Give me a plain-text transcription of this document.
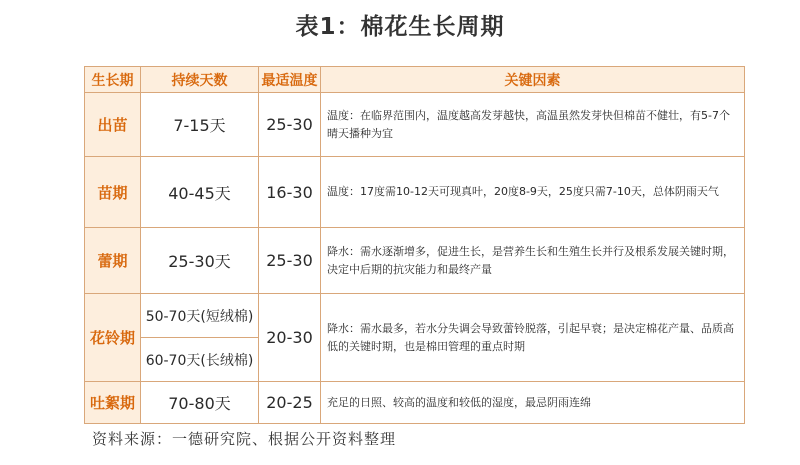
表1：棉花生长周期
生长期	持续天数	最适温度	关键因素
出苗	7-15天	25-30	温度：在临界范围内，温度越高发芽越快，高温虽然发芽快但棉苗不健壮，有5-7个晴天播种为宜
苗期	40-45天	16-30	温度：17度需10-12天可现真叶，20度8-9天，25度只需7-10天，总体阴雨天气
蕾期	25-30天	25-30	降水：需水逐渐增多，促进生长，是营养生长和生殖生长并行及根系发展关键时期，决定中后期的抗灾能力和最终产量
花铃期	50-70天(短绒棉)	20-30	降水：需水最多，若水分失调会导致蕾铃脱落，引起早衰；是决定棉花产量、品质高低的关键时期，也是棉田管理的重点时期
	60-70天(长绒棉)		
吐絮期	70-80天	20-25	充足的日照、较高的温度和较低的湿度，最忌阴雨连绵
资料来源：一德研究院、根据公开资料整理
